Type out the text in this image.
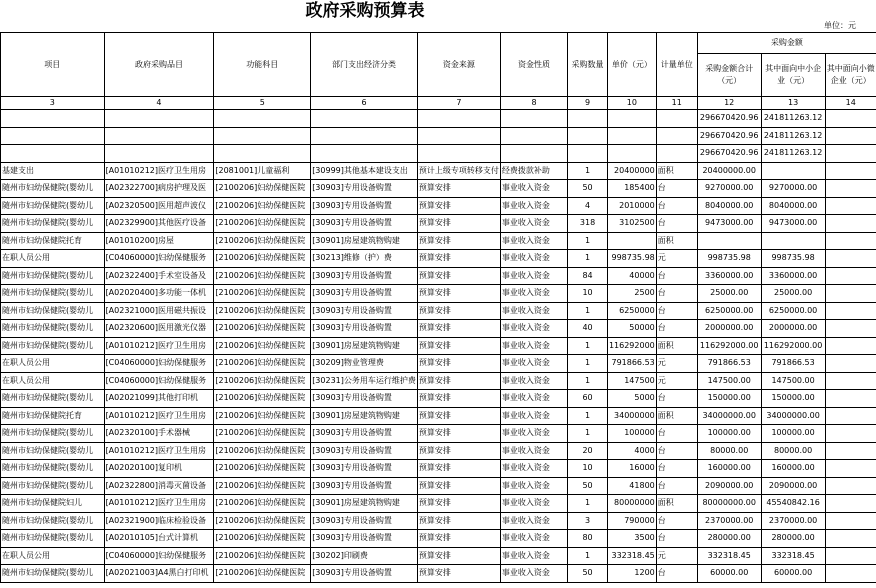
政府采购预算表
单位：元
项目	政府采购品目	功能科目	部门支出经济分类	资金来源	资金性质	采购数量	单价（元）	计量单位	采购金额		
									采购金额合计（元）	其中面向中小企业（元）	其中面向小微企业（元）
3	4	5	6	7	8	9	10	11	12	13	14
									296670420.96	241811263.12	
									296670420.96	241811263.12	
									296670420.96	241811263.12	
基建支出	[A01010212]医疗卫生用房	[2081001]儿童福利	[30999]其他基本建设支出	预计上级专项转移支付	经费拨款补助	1	20400000	面积	20400000.00		
随州市妇幼保健院(婴幼儿	[A02322700]病房护理及医	[2100206]妇幼保健医院	[30903]专用设备购置	预算安排	事业收入资金	50	185400	台	9270000.00	9270000.00	
随州市妇幼保健院(婴幼儿	[A02320500]医用超声波仪	[2100206]妇幼保健医院	[30903]专用设备购置	预算安排	事业收入资金	4	2010000	台	8040000.00	8040000.00	
随州市妇幼保健院(婴幼儿	[A02329900]其他医疗设备	[2100206]妇幼保健医院	[30903]专用设备购置	预算安排	事业收入资金	318	3102500	台	9473000.00	9473000.00	
随州市妇幼保健院托育	[A01010200]房屋	[2100206]妇幼保健医院	[30901]房屋建筑物购建	预算安排	事业收入资金	1		面积			
在职人员公用	[C04060000]妇幼保健服务	[2100206]妇幼保健医院	[30213]维修（护）费	预算安排	事业收入资金	1	998735.98	元	998735.98	998735.98	
随州市妇幼保健院(婴幼儿	[A02322400]手术室设备及	[2100206]妇幼保健医院	[30903]专用设备购置	预算安排	事业收入资金	84	40000	台	3360000.00	3360000.00	
随州市妇幼保健院(婴幼儿	[A02020400]多功能一体机	[2100206]妇幼保健医院	[30903]专用设备购置	预算安排	事业收入资金	10	2500	台	25000.00	25000.00	
随州市妇幼保健院(婴幼儿	[A02321000]医用磁共振设	[2100206]妇幼保健医院	[30903]专用设备购置	预算安排	事业收入资金	1	6250000	台	6250000.00	6250000.00	
随州市妇幼保健院(婴幼儿	[A02320600]医用激光仪器	[2100206]妇幼保健医院	[30903]专用设备购置	预算安排	事业收入资金	40	50000	台	2000000.00	2000000.00	
随州市妇幼保健院(婴幼儿	[A01010212]医疗卫生用房	[2100206]妇幼保健医院	[30901]房屋建筑物购建	预算安排	事业收入资金	1	116292000	面积	116292000.00	116292000.00	
在职人员公用	[C04060000]妇幼保健服务	[2100206]妇幼保健医院	[30209]物业管理费	预算安排	事业收入资金	1	791866.53	元	791866.53	791866.53	
在职人员公用	[C04060000]妇幼保健服务	[2100206]妇幼保健医院	[30231]公务用车运行维护费	预算安排	事业收入资金	1	147500	元	147500.00	147500.00	
随州市妇幼保健院(婴幼儿	[A02021099]其他打印机	[2100206]妇幼保健医院	[30903]专用设备购置	预算安排	事业收入资金	60	5000	台	150000.00	150000.00	
随州市妇幼保健院托育	[A01010212]医疗卫生用房	[2100206]妇幼保健医院	[30901]房屋建筑物购建	预算安排	事业收入资金	1	34000000	面积	34000000.00	34000000.00	
随州市妇幼保健院(婴幼儿	[A02320100]手术器械	[2100206]妇幼保健医院	[30903]专用设备购置	预算安排	事业收入资金	1	100000	台	100000.00	100000.00	
随州市妇幼保健院(婴幼儿	[A01010212]医疗卫生用房	[2100206]妇幼保健医院	[30903]专用设备购置	预算安排	事业收入资金	20	4000	台	80000.00	80000.00	
随州市妇幼保健院(婴幼儿	[A02020100]复印机	[2100206]妇幼保健医院	[30903]专用设备购置	预算安排	事业收入资金	10	16000	台	160000.00	160000.00	
随州市妇幼保健院(婴幼儿	[A02322800]消毒灭菌设备	[2100206]妇幼保健医院	[30903]专用设备购置	预算安排	事业收入资金	50	41800	台	2090000.00	2090000.00	
随州市妇幼保健院妇儿	[A01010212]医疗卫生用房	[2100206]妇幼保健医院	[30901]房屋建筑物购建	预算安排	事业收入资金	1	80000000	面积	80000000.00	45540842.16	
随州市妇幼保健院(婴幼儿	[A02321900]临床检验设备	[2100206]妇幼保健医院	[30903]专用设备购置	预算安排	事业收入资金	3	790000	台	2370000.00	2370000.00	
随州市妇幼保健院(婴幼儿	[A02010105]台式计算机	[2100206]妇幼保健医院	[30903]专用设备购置	预算安排	事业收入资金	80	3500	台	280000.00	280000.00	
在职人员公用	[C04060000]妇幼保健服务	[2100206]妇幼保健医院	[30202]印刷费	预算安排	事业收入资金	1	332318.45	元	332318.45	332318.45	
随州市妇幼保健院(婴幼儿	[A02021003]A4黑白打印机	[2100206]妇幼保健医院	[30903]专用设备购置	预算安排	事业收入资金	50	1200	台	60000.00	60000.00	
